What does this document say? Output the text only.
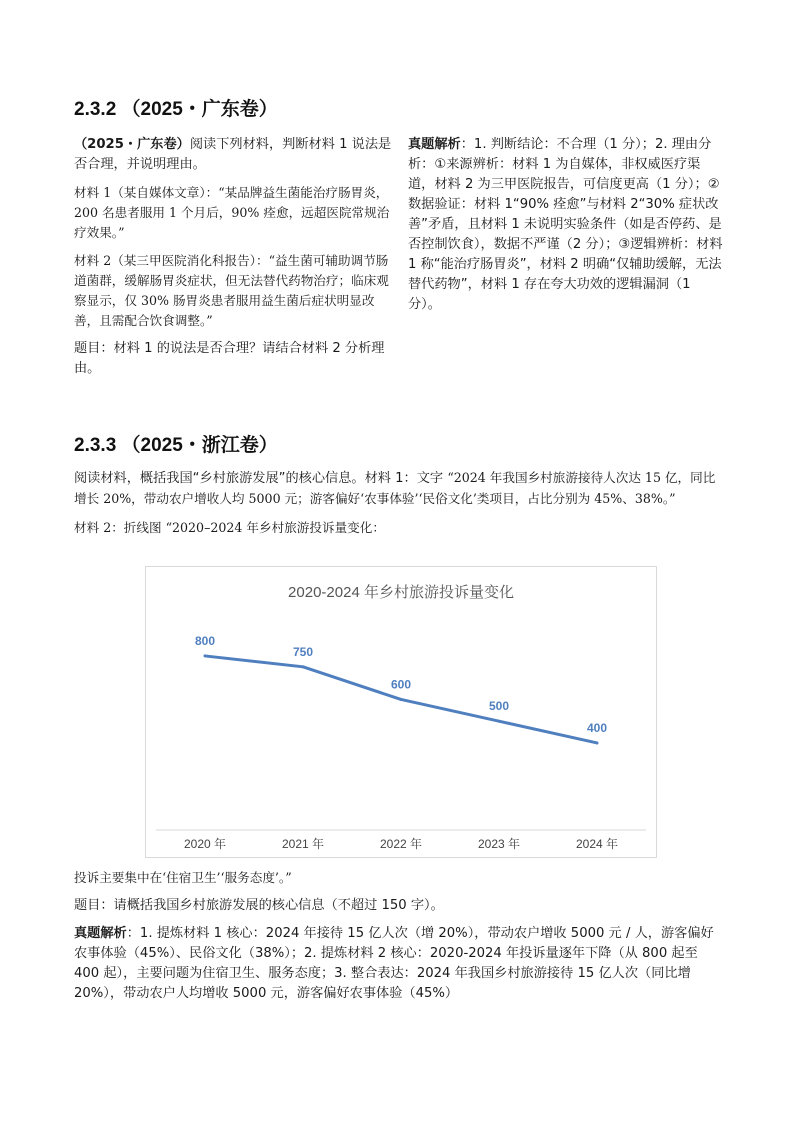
2.3.2 （2025・广东卷）

（2025・广东卷）阅读下列材料，判断材料 1 说法是否合理，并说明理由。

材料 1（某自媒体文章）：“某品牌益生菌能治疗肠胃炎，200 名患者服用 1 个月后，90% 痊愈，远超医院常规治疗效果。”

材料 2（某三甲医院消化科报告）：“益生菌可辅助调节肠道菌群，缓解肠胃炎症状，但无法替代药物治疗；临床观察显示，仅 30% 肠胃炎患者服用益生菌后症状明显改善，且需配合饮食调整。”

题目：材料 1 的说法是否合理？请结合材料 2 分析理由。

真题解析：1. 判断结论：不合理（1 分）；2. 理由分析：①来源辨析：材料 1 为自媒体，非权威医疗渠道，材料 2 为三甲医院报告，可信度更高（1 分）；②数据验证：材料 1“90% 痊愈”与材料 2“30% 症状改善”矛盾，且材料 1 未说明实验条件（如是否停药、是否控制饮食），数据不严谨（2 分）；③逻辑辨析：材料 1 称“能治疗肠胃炎”，材料 2 明确“仅辅助缓解，无法替代药物”，材料 1 存在夸大功效的逻辑漏洞（1 分）。

2.3.3 （2025・浙江卷）

阅读材料，概括我国“乡村旅游发展”的核心信息。材料 1：文字 “2024 年我国乡村旅游接待人次达 15 亿，同比增长 20%，带动农户增收人均 5000 元；游客偏好‘农事体验’‘民俗文化’类项目，占比分别为 45%、38%。”

材料 2：折线图 “2020–2024 年乡村旅游投诉量变化：

2020-2024 年乡村旅游投诉量变化
800
2020 年
750
2021 年
600
2022 年
500
2023 年
400
2024 年

投诉主要集中在‘住宿卫生’‘服务态度’。”

题目：请概括我国乡村旅游发展的核心信息（不超过 150 字）。

真题解析：1. 提炼材料 1 核心：2024 年接待 15 亿人次（增 20%），带动农户增收 5000 元 / 人，游客偏好农事体验（45%）、民俗文化（38%）；2. 提炼材料 2 核心：2020-2024 年投诉量逐年下降（从 800 起至 400 起），主要问题为住宿卫生、服务态度；3. 整合表达：2024 年我国乡村旅游接待 15 亿人次（同比增 20%），带动农户人均增收 5000 元，游客偏好农事体验（45%）
